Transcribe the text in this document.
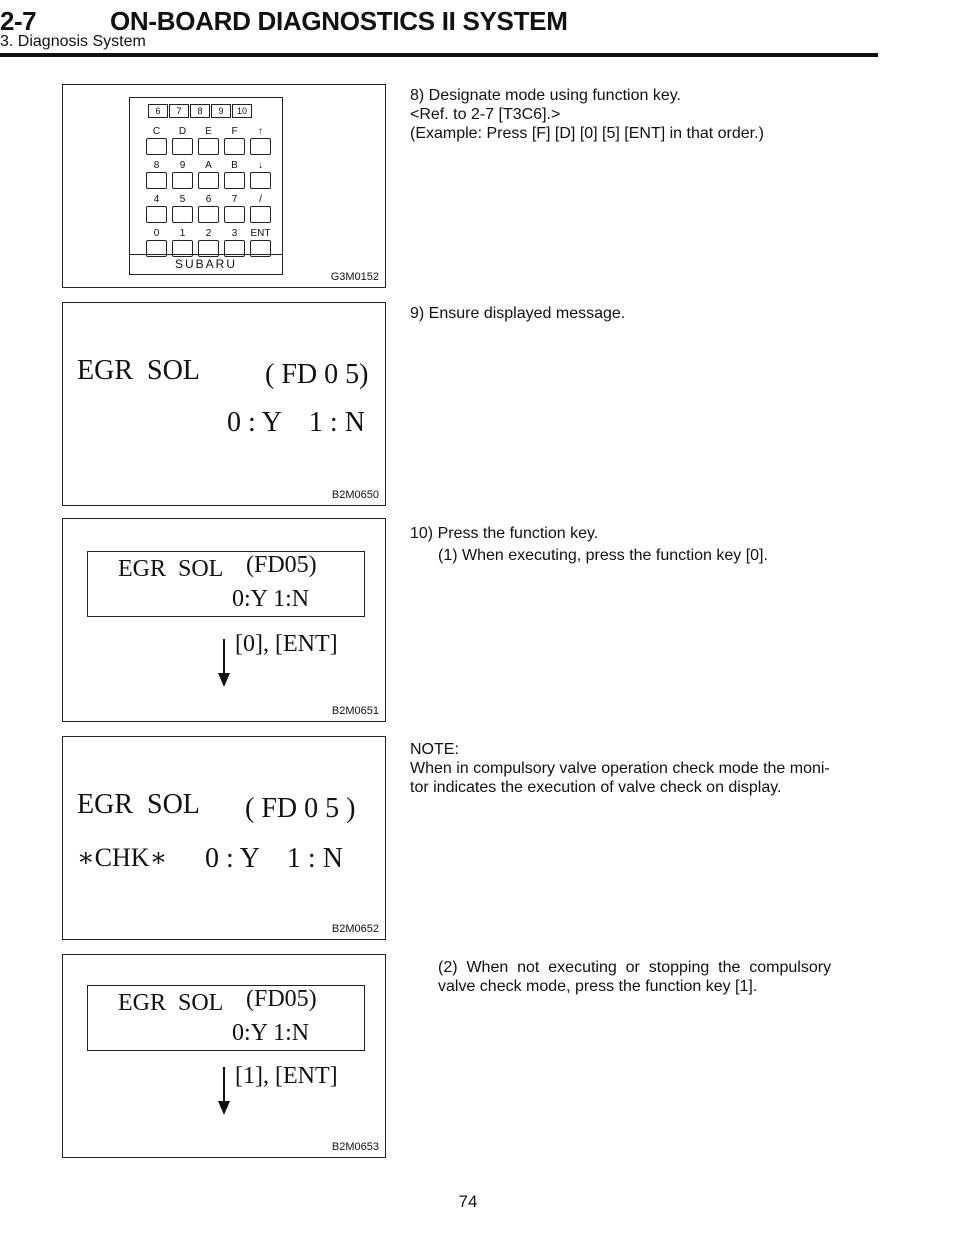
2-7	ON-BOARD DIAGNOSTICS II SYSTEM
3. Diagnosis System
6	7	8	9	10
C	D	E	F	↑
8	9	A	B	↓
4	5	6	7	/
0	1	2	3	ENT
SUBARU
G3M0152
EGR  SOL ( FD 0 5)
0 : Y    1 : N
B2M0650
EGR  SOL (FD05)
0:Y 1:N
[0], [ENT]
B2M0651
EGR  SOL ( FD 0 5 )
∗CHK∗ 0 : Y    1 : N
B2M0652
EGR  SOL (FD05)
0:Y 1:N
[1], [ENT]
B2M0653
8) Designate mode using function key.
<Ref. to 2-7 [T3C6].>
(Example: Press [F] [D] [0] [5] [ENT] in that order.)
9) Ensure displayed message.
10) Press the function key.
(1) When executing, press the function key [0].
NOTE:
When in compulsory valve operation check mode the moni-
tor indicates the execution of valve check on display.
(2)  When  not  executing  or  stopping  the  compulsory
valve check mode, press the function key [1].
74
